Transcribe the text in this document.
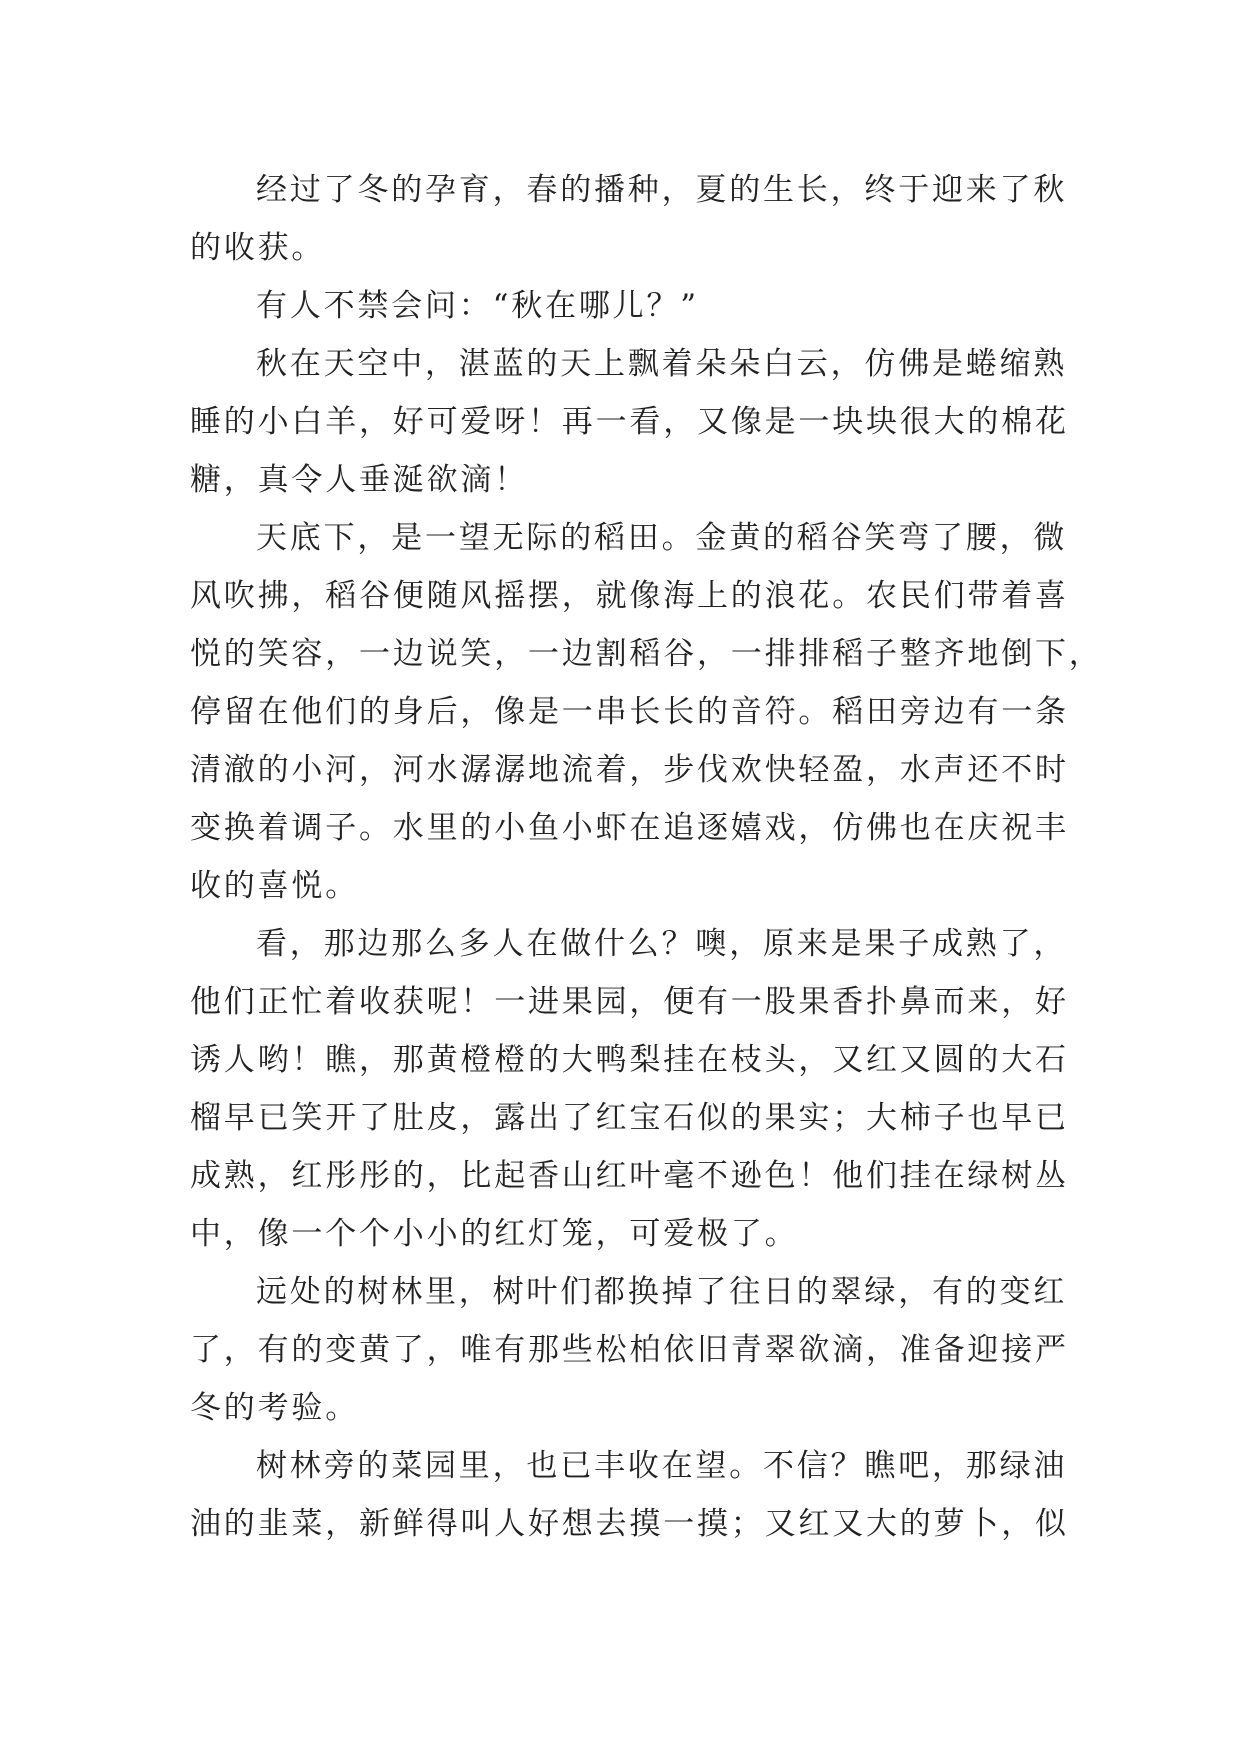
经过了冬的孕育，春的播种，夏的生长，终于迎来了秋
的收获。

有人不禁会问：“秋在哪儿？”

秋在天空中，湛蓝的天上飘着朵朵白云，仿佛是蜷缩熟
睡的小白羊，好可爱呀！再一看，又像是一块块很大的棉花
糖，真令人垂涎欲滴！

天底下，是一望无际的稻田。金黄的稻谷笑弯了腰，微
风吹拂，稻谷便随风摇摆，就像海上的浪花。农民们带着喜
悦的笑容，一边说笑，一边割稻谷，一排排稻子整齐地倒下，
停留在他们的身后，像是一串长长的音符。稻田旁边有一条
清澈的小河，河水潺潺地流着，步伐欢快轻盈，水声还不时
变换着调子。水里的小鱼小虾在追逐嬉戏，仿佛也在庆祝丰
收的喜悦。

看，那边那么多人在做什么？噢，原来是果子成熟了，
他们正忙着收获呢！一进果园，便有一股果香扑鼻而来，好
诱人哟！瞧，那黄橙橙的大鸭梨挂在枝头，又红又圆的大石
榴早已笑开了肚皮，露出了红宝石似的果实；大柿子也早已
成熟，红彤彤的，比起香山红叶毫不逊色！他们挂在绿树丛
中，像一个个小小的红灯笼，可爱极了。

远处的树林里，树叶们都换掉了往日的翠绿，有的变红
了，有的变黄了，唯有那些松柏依旧青翠欲滴，准备迎接严
冬的考验。

树林旁的菜园里，也已丰收在望。不信？瞧吧，那绿油
油的韭菜，新鲜得叫人好想去摸一摸；又红又大的萝卜，似
